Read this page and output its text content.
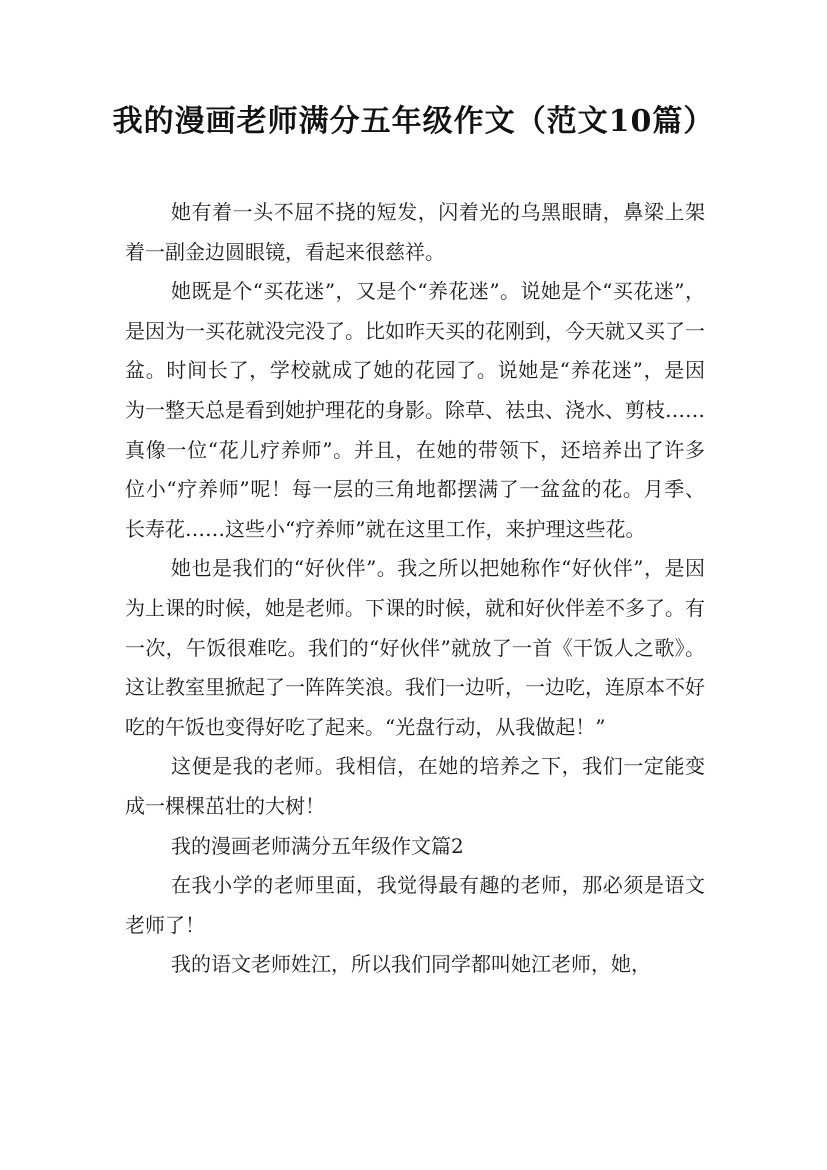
我的漫画老师满分五年级作文（范文10篇）

她有着一头不屈不挠的短发，闪着光的乌黑眼睛，鼻梁上架着一副金边圆眼镜，看起来很慈祥。

她既是个“买花迷”，又是个“养花迷”。说她是个“买花迷”，是因为一买花就没完没了。比如昨天买的花刚到，今天就又买了一盆。时间长了，学校就成了她的花园了。说她是“养花迷”，是因为一整天总是看到她护理花的身影。除草、祛虫、浇水、剪枝……真像一位“花儿疗养师”。并且，在她的带领下，还培养出了许多位小“疗养师”呢！每一层的三角地都摆满了一盆盆的花。月季、长寿花……这些小“疗养师”就在这里工作，来护理这些花。

她也是我们的“好伙伴”。我之所以把她称作“好伙伴”，是因为上课的时候，她是老师。下课的时候，就和好伙伴差不多了。有一次，午饭很难吃。我们的“好伙伴”就放了一首《干饭人之歌》。这让教室里掀起了一阵阵笑浪。我们一边听，一边吃，连原本不好吃的午饭也变得好吃了起来。“光盘行动，从我做起！”

这便是我的老师。我相信，在她的培养之下，我们一定能变成一棵棵茁壮的大树！

我的漫画老师满分五年级作文篇2

在我小学的老师里面，我觉得最有趣的老师，那必须是语文老师了！

我的语文老师姓江，所以我们同学都叫她江老师，她，
